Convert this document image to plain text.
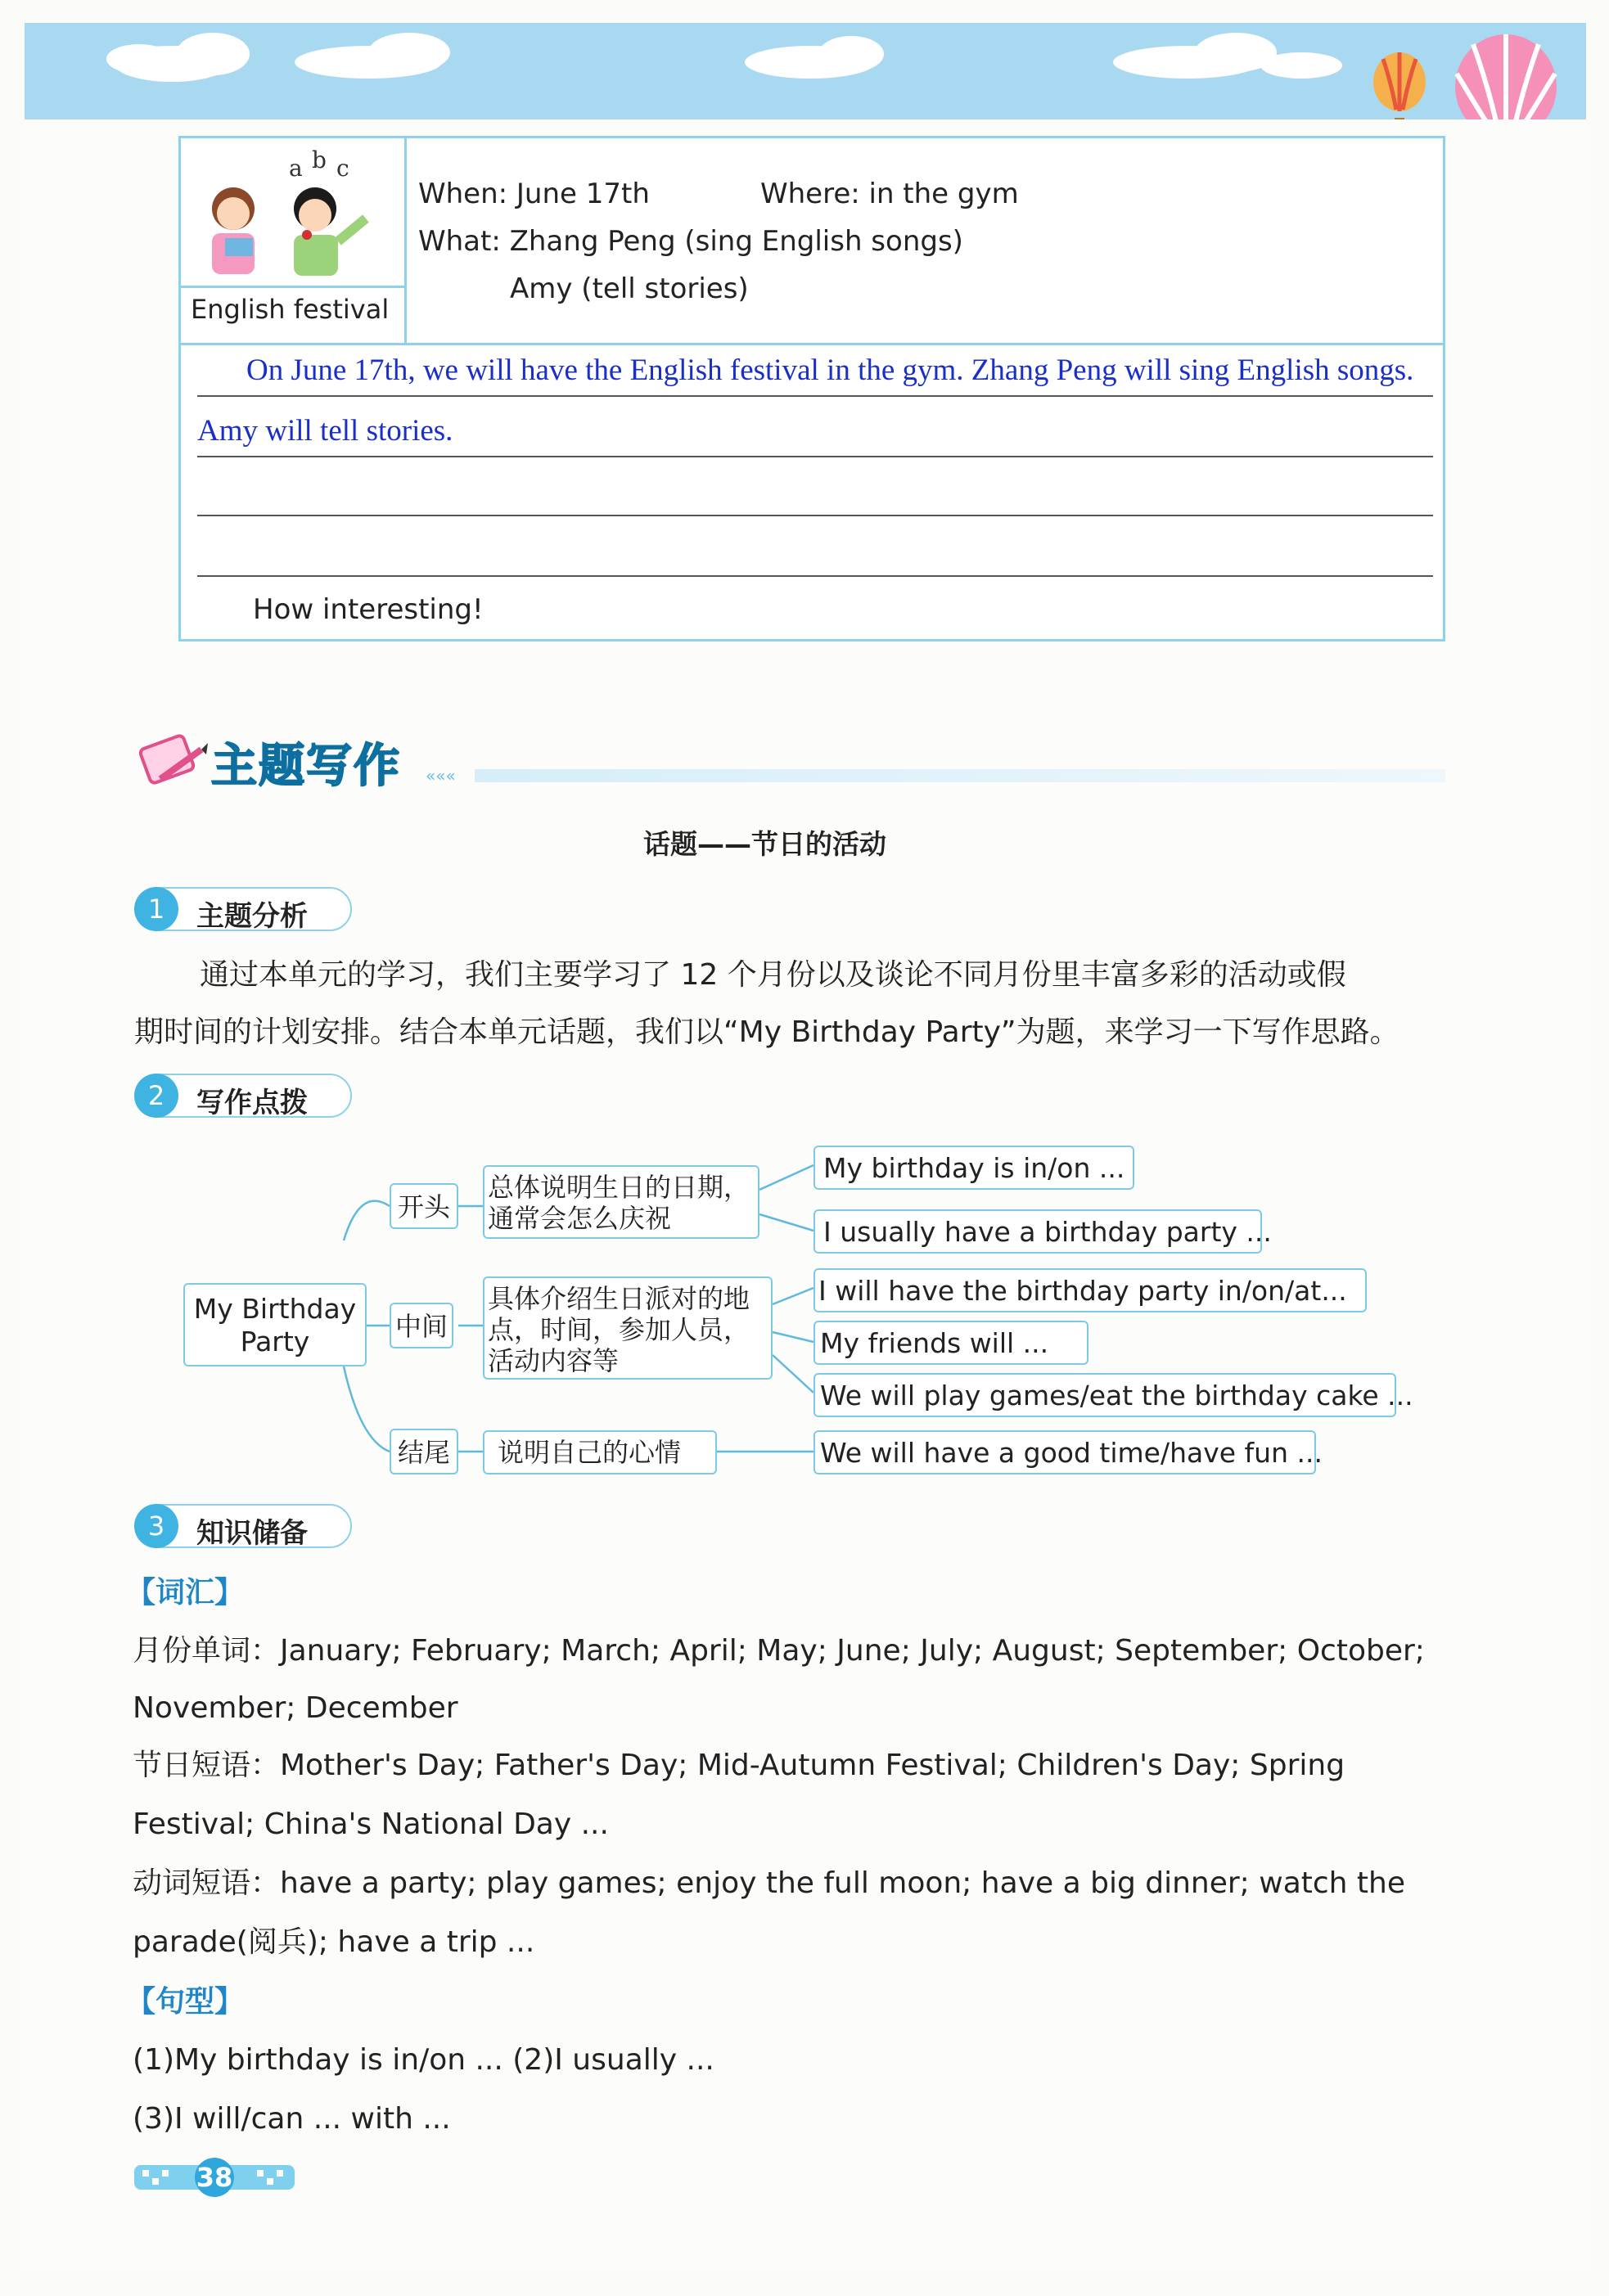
a b c
English festival
When: June 17th	Where: in the gym
What: Zhang Peng (sing English songs)
Amy (tell stories)
On June 17th, we will have the English festival in the gym. Zhang Peng will sing English songs.
Amy will tell stories.
How interesting!
主题写作 «««
话题——节日的活动
1	主题分析
通过本单元的学习，我们主要学习了 12 个月份以及谈论不同月份里丰富多彩的活动或假
期时间的计划安排。结合本单元话题，我们以“My Birthday Party”为题，来学习一下写作思路。
2	写作点拨
My Birthday
Party
开头
中间
结尾
总体说明生日的日期，
通常会怎么庆祝
具体介绍生日派对的地
点，时间，参加人员，
活动内容等
说明自己的心情
My birthday is in/on ...
I usually have a birthday party ...
I will have the birthday party in/on/at...
My friends will ...
We will play games/eat the birthday cake ...
We will have a good time/have fun ...
3	知识储备
【词汇】
月份单词：January; February; March; April; May; June; July; August; September; October;
November; December
节日短语：Mother's Day; Father's Day; Mid-Autumn Festival; Children's Day; Spring
Festival; China's National Day ...
动词短语：have a party; play games; enjoy the full moon; have a big dinner; watch the
parade(阅兵); have a trip ...
【句型】
(1)My birthday is in/on ... (2)I usually ...
(3)I will/can ... with ...
38
